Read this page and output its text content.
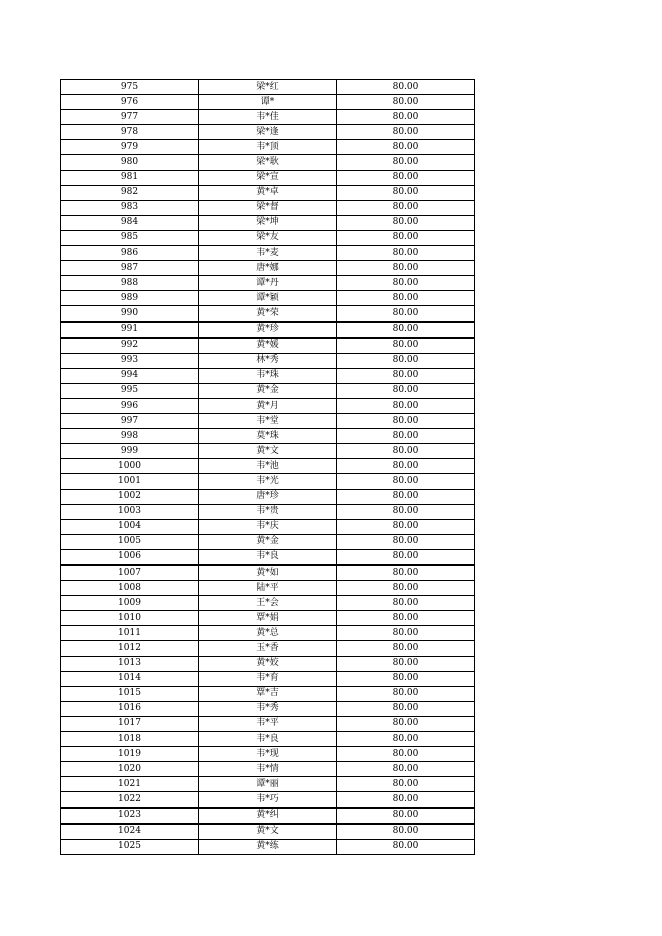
975	梁*红	80.00
976	谭*	80.00
977	韦*佳	80.00
978	梁*逢	80.00
979	韦*顶	80.00
980	梁*耿	80.00
981	梁*宣	80.00
982	黄*卓	80.00
983	梁*督	80.00
984	梁*坤	80.00
985	梁*友	80.00
986	韦*麦	80.00
987	唐*娜	80.00
988	谭*丹	80.00
989	谭*颖	80.00
990	黄*荣	80.00
991	黄*珍	80.00
992	黄*媛	80.00
993	林*秀	80.00
994	韦*珠	80.00
995	黄*金	80.00
996	黄*月	80.00
997	韦*堂	80.00
998	莫*珠	80.00
999	黄*文	80.00
1000	韦*池	80.00
1001	韦*光	80.00
1002	唐*珍	80.00
1003	韦*贵	80.00
1004	韦*庆	80.00
1005	黄*金	80.00
1006	韦*良	80.00
1007	黄*如	80.00
1008	陆*平	80.00
1009	王*会	80.00
1010	覃*娟	80.00
1011	黄*总	80.00
1012	玉*香	80.00
1013	黄*姣	80.00
1014	韦*育	80.00
1015	覃*吉	80.00
1016	韦*秀	80.00
1017	韦*平	80.00
1018	韦*良	80.00
1019	韦*现	80.00
1020	韦*情	80.00
1021	谭*丽	80.00
1022	韦*巧	80.00
1023	黄*纠	80.00
1024	黄*文	80.00
1025	黄*练	80.00
